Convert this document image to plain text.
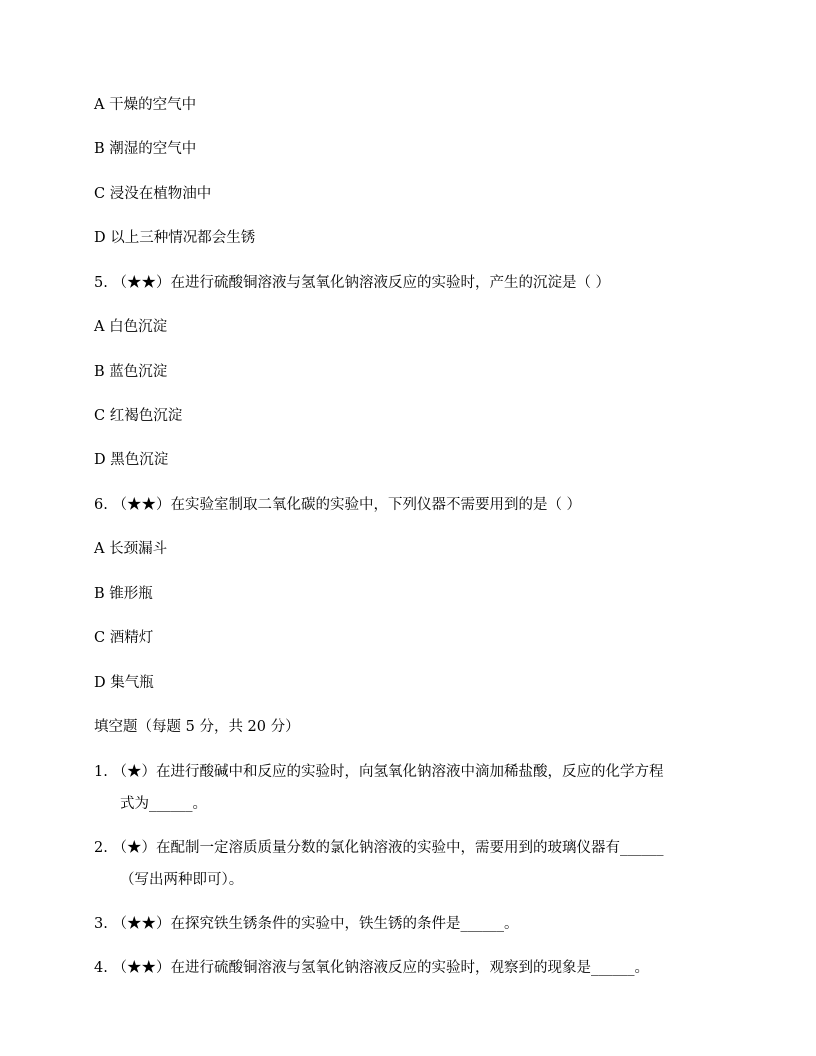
A 干燥的空气中
B 潮湿的空气中
C 浸没在植物油中
D 以上三种情况都会生锈
5. （★★）在进行硫酸铜溶液与氢氧化钠溶液反应的实验时，产生的沉淀是（ ）
A 白色沉淀
B 蓝色沉淀
C 红褐色沉淀
D 黑色沉淀
6. （★★）在实验室制取二氧化碳的实验中，下列仪器不需要用到的是（ ）
A 长颈漏斗
B 锥形瓶
C 酒精灯
D 集气瓶
填空题（每题 5 分，共 20 分）
1. （★）在进行酸碱中和反应的实验时，向氢氧化钠溶液中滴加稀盐酸，反应的化学方程
式为______。
2. （★）在配制一定溶质质量分数的氯化钠溶液的实验中，需要用到的玻璃仪器有______
（写出两种即可）。
3. （★★）在探究铁生锈条件的实验中，铁生锈的条件是______。
4. （★★）在进行硫酸铜溶液与氢氧化钠溶液反应的实验时，观察到的现象是______。
